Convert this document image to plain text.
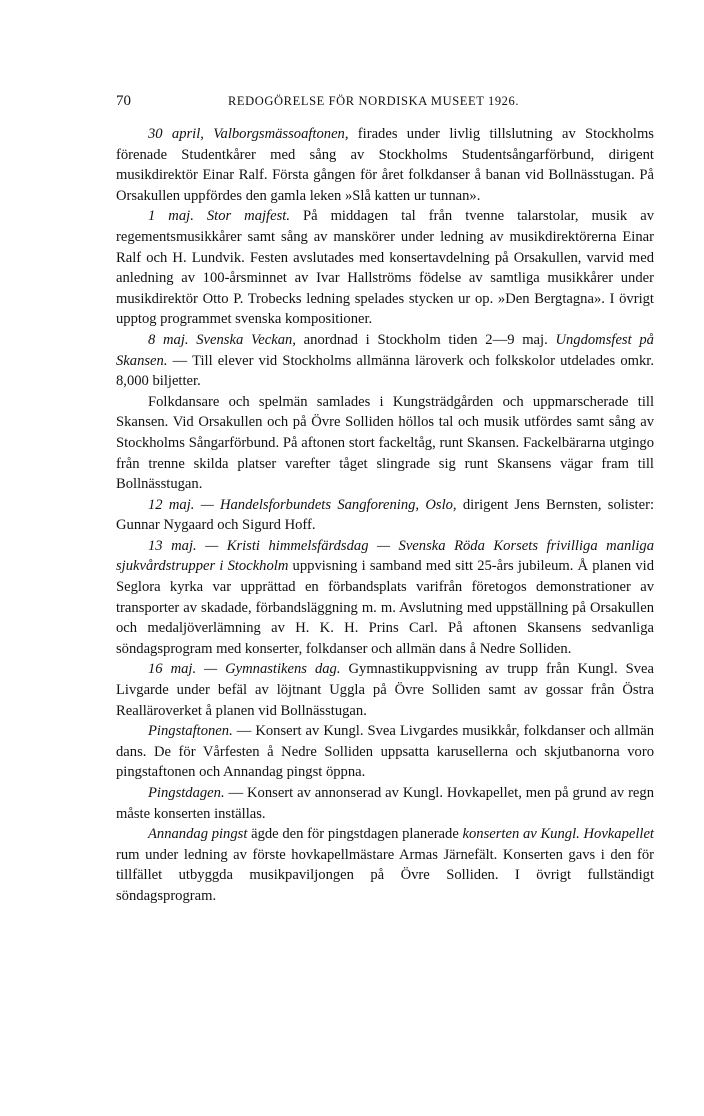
70	REDOGÖRELSE FÖR NORDISKA MUSEET 1926.

30 april, Valborgsmässoaftonen, firades under livlig tillslutning av Stockholms förenade Studentkårer med sång av Stockholms Studentsångarförbund, dirigent musikdirektör Einar Ralf. Första gången för året folkdanser å banan vid Bollnässtugan. På Orsakullen uppfördes den gamla leken »Slå katten ur tunnan».

1 maj. Stor majfest. På middagen tal från tvenne talarstolar, musik av regementsmusikkårer samt sång av manskörer under ledning av musikdirektörerna Einar Ralf och H. Lundvik. Festen avslutades med konsertavdelning på Orsakullen, varvid med anledning av 100-årsminnet av Ivar Hallströms födelse av samtliga musikkårer under musikdirektör Otto P. Trobecks ledning spelades stycken ur op. »Den Bergtagna». I övrigt upptog programmet svenska kompositioner.

8 maj. Svenska Veckan, anordnad i Stockholm tiden 2—9 maj. Ungdomsfest på Skansen. — Till elever vid Stockholms allmänna läroverk och folkskolor utdelades omkr. 8,000 biljetter.

Folkdansare och spelmän samlades i Kungsträdgården och uppmarscherade till Skansen. Vid Orsakullen och på Övre Solliden höllos tal och musik utfördes samt sång av Stockholms Sångarförbund. På aftonen stort fackeltåg, runt Skansen. Fackelbärarna utgingo från trenne skilda platser varefter tåget slingrade sig runt Skansens vägar fram till Bollnässtugan.

12 maj. — Handelsforbundets Sangforening, Oslo, dirigent Jens Bernsten, solister: Gunnar Nygaard och Sigurd Hoff.

13 maj. — Kristi himmelsfärdsdag — Svenska Röda Korsets frivilliga manliga sjukvårdstrupper i Stockholm uppvisning i samband med sitt 25-års jubileum. Å planen vid Seglora kyrka var upprättad en förbandsplats varifrån företogos demonstrationer av transporter av skadade, förbandsläggning m. m. Avslutning med uppställning på Orsakullen och medaljöverlämning av H. K. H. Prins Carl. På aftonen Skansens sedvanliga söndagsprogram med konserter, folkdanser och allmän dans å Nedre Solliden.

16 maj. — Gymnastikens dag. Gymnastikuppvisning av trupp från Kungl. Svea Livgarde under befäl av löjtnant Uggla på Övre Solliden samt av gossar från Östra Realläroverket å planen vid Bollnässtugan.

Pingstaftonen. — Konsert av Kungl. Svea Livgardes musikkår, folkdanser och allmän dans. De för Vårfesten å Nedre Solliden uppsatta karusellerna och skjutbanorna voro pingstaftonen och Annandag pingst öppna.

Pingstdagen. — Konsert av annonserad av Kungl. Hovkapellet, men på grund av regn måste konserten inställas.

Annandag pingst ägde den för pingstdagen planerade konserten av Kungl. Hovkapellet rum under ledning av förste hovkapellmästare Armas Järnefält. Konserten gavs i den för tillfället utbyggda musikpaviljongen på Övre Solliden. I övrigt fullständigt söndagsprogram.
